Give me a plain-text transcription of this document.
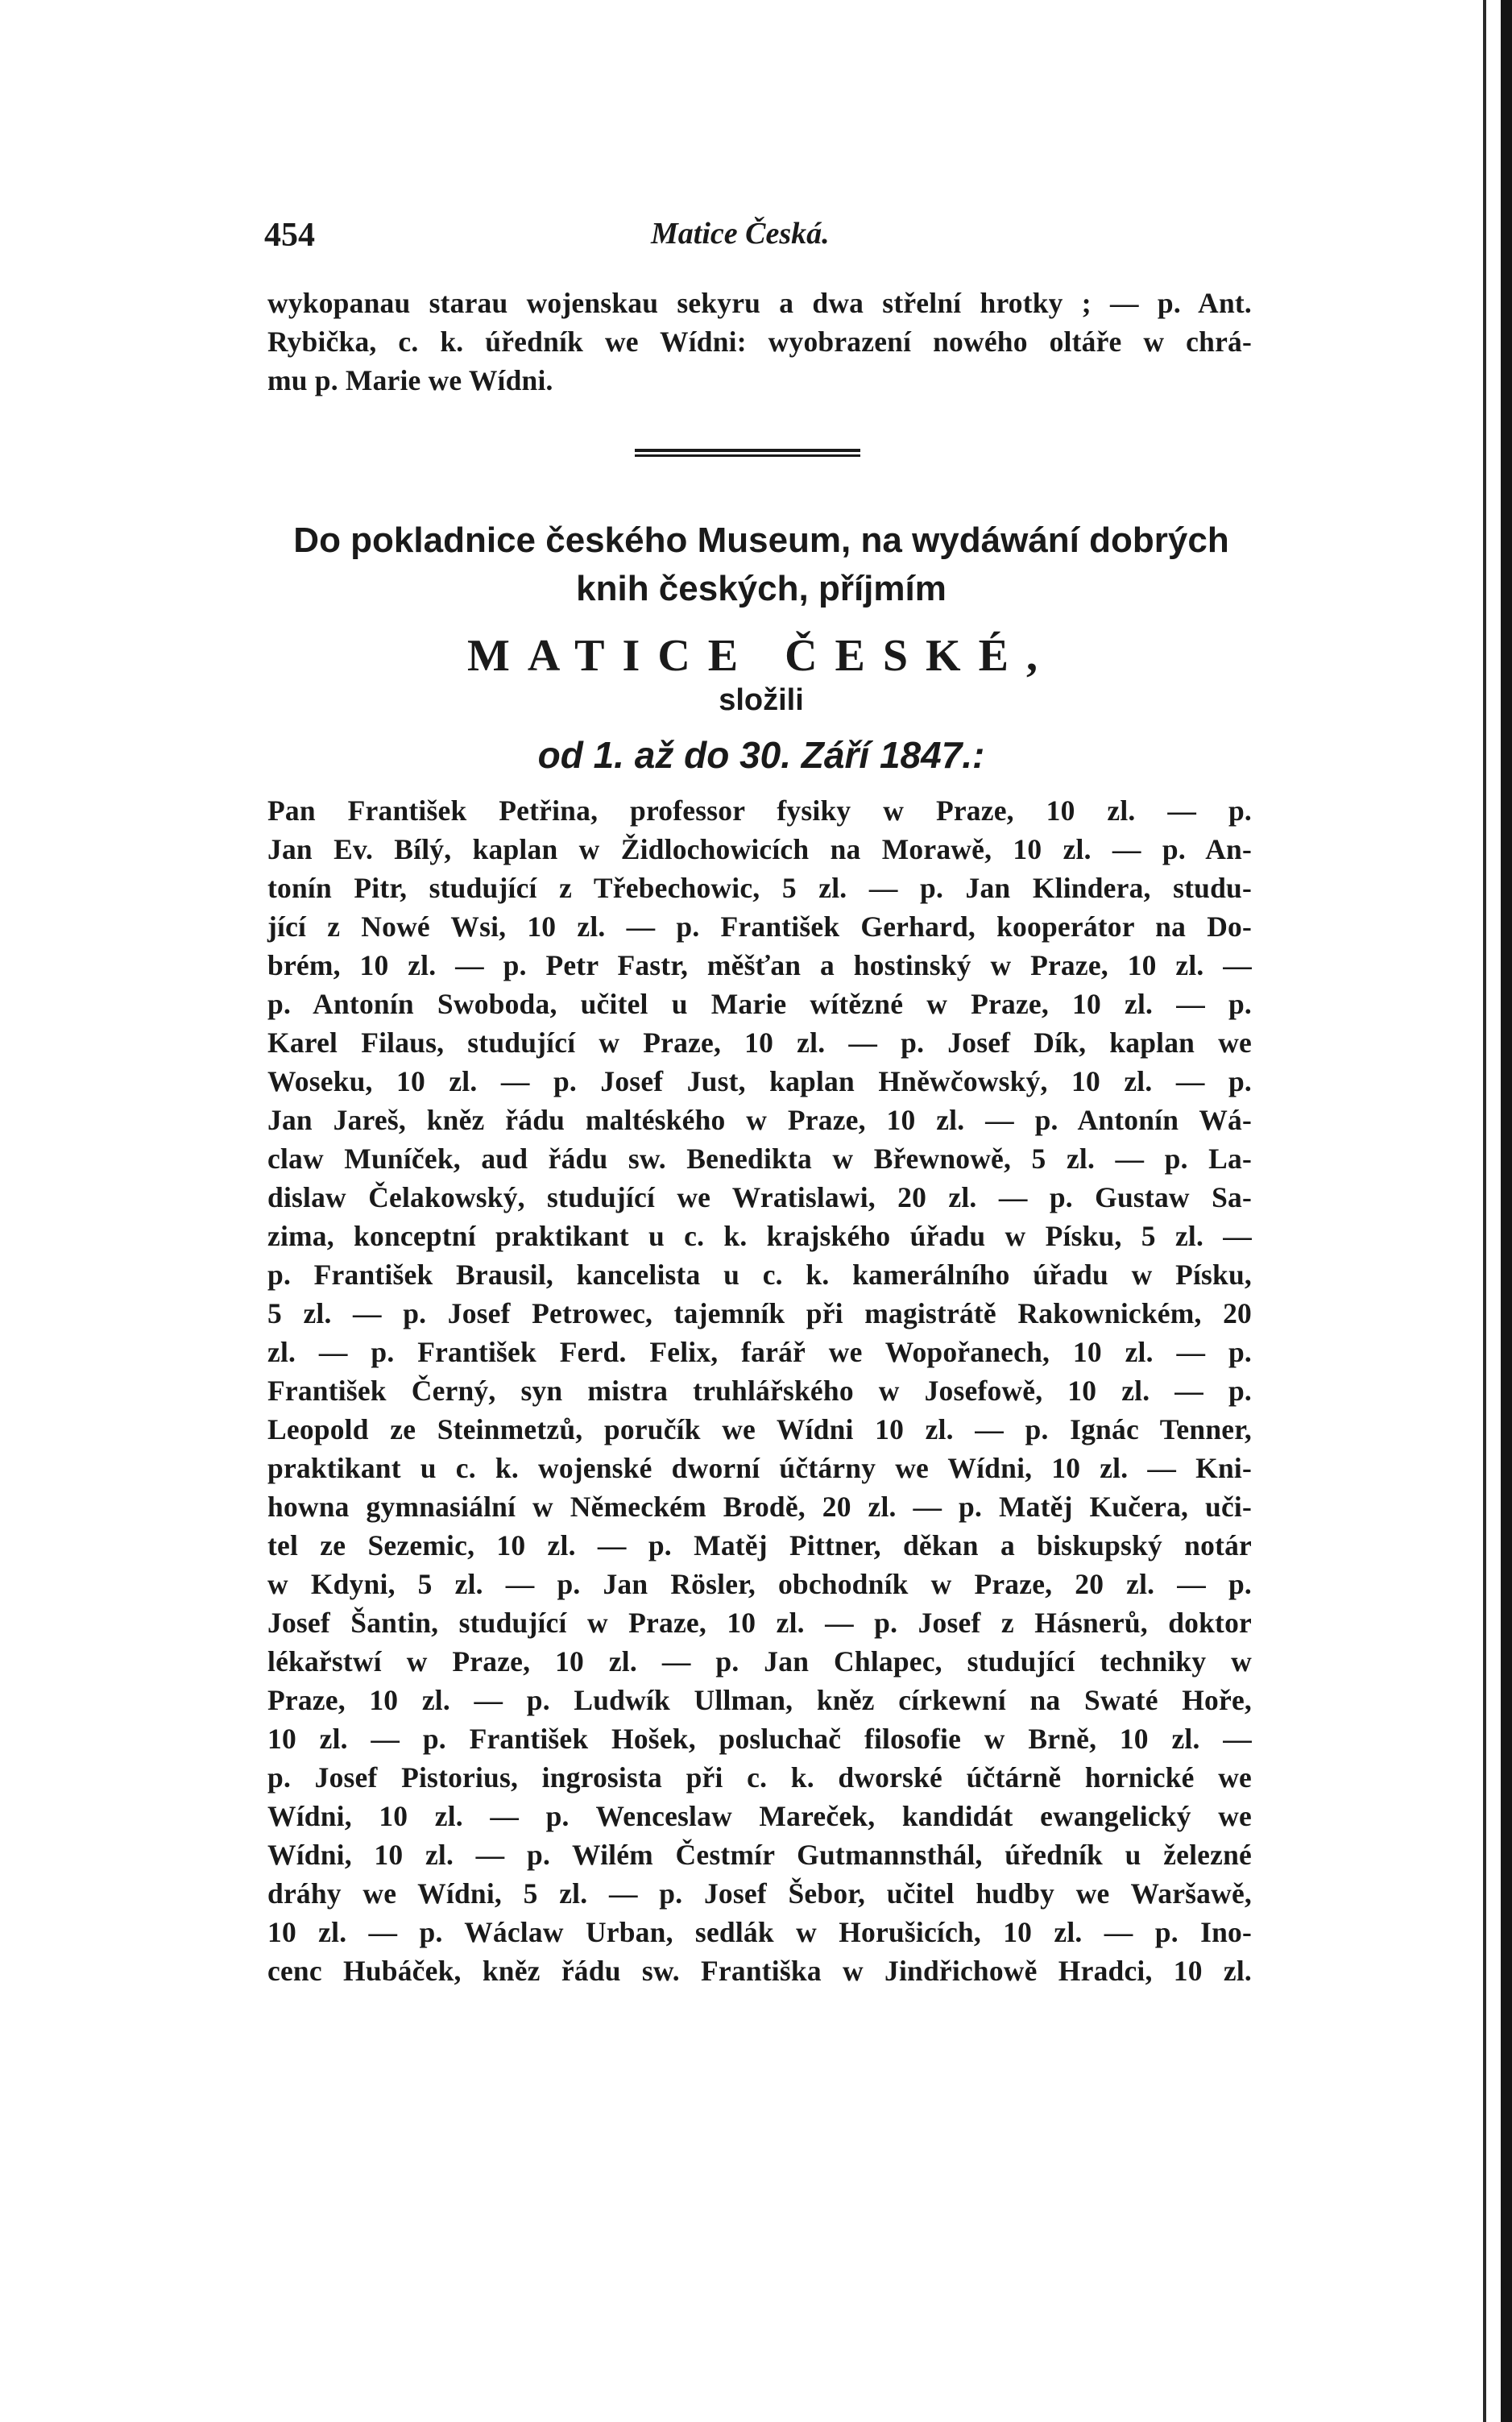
454	Matice Česká.
wykopanau starau wojenskau sekyru a dwa střelní hrotky ; — p. Ant.
Rybička, c. k. úředník we Wídni: wyobrazení nowého oltáře w chrá-
mu p. Marie we Wídni.
Do pokladnice českého Museum, na wydáwání dobrých
knih českých, příjmím
MATICE ČESKÉ,
složili
od 1. až do 30. Září 1847.:
Pan František Petřina, professor fysiky w Praze, 10 zl. — p.
Jan Ev. Bílý, kaplan w Židlochowicích na Morawě, 10 zl. — p. An-
tonín Pitr, studující z Třebechowic, 5 zl. — p. Jan Klindera, studu-
jící z Nowé Wsi, 10 zl. — p. František Gerhard, kooperátor na Do-
brém, 10 zl. — p. Petr Fastr, měšťan a hostinský w Praze, 10 zl. —
p. Antonín Swoboda, učitel u Marie wítězné w Praze, 10 zl. — p.
Karel Filaus, studující w Praze, 10 zl. — p. Josef Dík, kaplan we
Woseku, 10 zl. — p. Josef Just, kaplan Hněwčowský, 10 zl. — p.
Jan Jareš, kněz řádu maltéského w Praze, 10 zl. — p. Antonín Wá-
claw Muníček, aud řádu sw. Benedikta w Břewnowě, 5 zl. — p. La-
dislaw Čelakowský, studující we Wratislawi, 20 zl. — p. Gustaw Sa-
zima, konceptní praktikant u c. k. krajského úřadu w Písku, 5 zl. —
p. František Brausil, kancelista u c. k. kamerálního úřadu w Písku,
5 zl. — p. Josef Petrowec, tajemník při magistrátě Rakownickém, 20
zl. — p. František Ferd. Felix, farář we Wopořanech, 10 zl. — p.
František Černý, syn mistra truhlářského w Josefowě, 10 zl. — p.
Leopold ze Steinmetzů, poručík we Wídni 10 zl. — p. Ignác Tenner,
praktikant u c. k. wojenské dworní účtárny we Wídni, 10 zl. — Kni-
howna gymnasiální w Německém Brodě, 20 zl. — p. Matěj Kučera, uči-
tel ze Sezemic, 10 zl. — p. Matěj Pittner, děkan a biskupský notár
w Kdyni, 5 zl. — p. Jan Rösler, obchodník w Praze, 20 zl. — p.
Josef Šantin, studující w Praze, 10 zl. — p. Josef z Hásnerů, doktor
lékařstwí w Praze, 10 zl. — p. Jan Chlapec, studující techniky w
Praze, 10 zl. — p. Ludwík Ullman, kněz církewní na Swaté Hoře,
10 zl. — p. František Hošek, posluchač filosofie w Brně, 10 zl. —
p. Josef Pistorius, ingrosista při c. k. dworské účtárně hornické we
Wídni, 10 zl. — p. Wenceslaw Mareček, kandidát ewangelický we
Wídni, 10 zl. — p. Wilém Čestmír Gutmannsthál, úředník u železné
dráhy we Wídni, 5 zl. — p. Josef Šebor, učitel hudby we Waršawě,
10 zl. — p. Wáclaw Urban, sedlák w Horušicích, 10 zl. — p. Ino-
cenc Hubáček, kněz řádu sw. Františka w Jindřichowě Hradci, 10 zl.
